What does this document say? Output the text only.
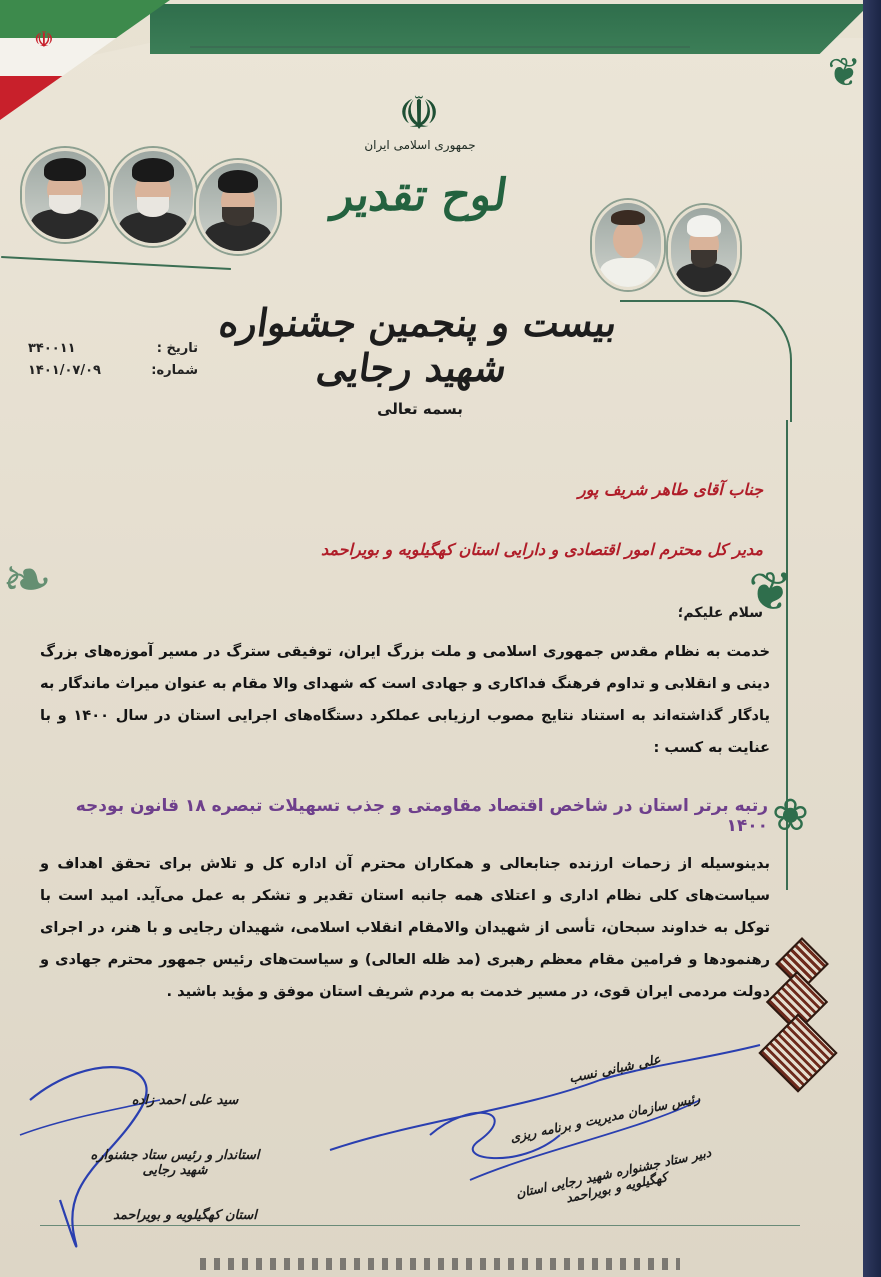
☫
❦
❧	❦
❀
☫
جمهوری اسلامی ایران
لوح تقدیر
بیست و پنجمین جشنواره شهید رجایی
بسمه تعالی
تاریخ :
۳۴۰۰۱۱
شماره:
۱۴۰۱/۰۷/۰۹
جناب آقای طاهر شریف پور
مدیر کل محترم امور اقتصادی و دارایی استان کهگیلویه و بویراحمد
سلام علیکم؛
خدمت به نظام مقدس جمهوری اسلامی و ملت بزرگ ایران، توفیقی سترگ در مسیر آموزه‌های بزرگ دینی و انقلابی و تداوم فرهنگ فداکاری و جهادی است که شهدای والا مقام به عنوان میراث ماندگار به یادگار گذاشته‌اند به استناد نتایج مصوب ارزیابی عملکرد دستگاه‌های اجرایی استان در سال ۱۴۰۰ و با عنایت به کسب :
رتبه برتر استان در شاخص اقتصاد مقاومتی و جذب تسهیلات تبصره ۱۸ قانون بودجه ۱۴۰۰
بدینوسیله از زحمات ارزنده جنابعالی و همکاران محترم آن اداره کل و تلاش برای تحقق اهداف و سیاست‌های کلی نظام اداری و اعتلای همه جانبه استان تقدیر و تشکر به عمل می‌آید. امید است با توکل به خداوند سبحان، تأسی از شهیدان والامقام انقلاب اسلامی، شهیدان رجایی و با هنر، در اجرای رهنمودها و فرامین مقام معظم رهبری (مد ظله العالی) و سیاست‌های رئیس جمهور محترم جهادی و دولت مردمی ایران قوی، در مسیر خدمت به مردم شریف استان موفق و مؤید باشید .
علی شبانی نسب
رئیس سازمان مدیریت و برنامه ریزی
دبیر ستاد جشنواره شهید رجایی استان کهگیلویه و بویراحمد
سید علی احمد زاده
استاندار و رئیس ستاد جشنواره شهید رجایی
استان کهگیلویه و بویراحمد
